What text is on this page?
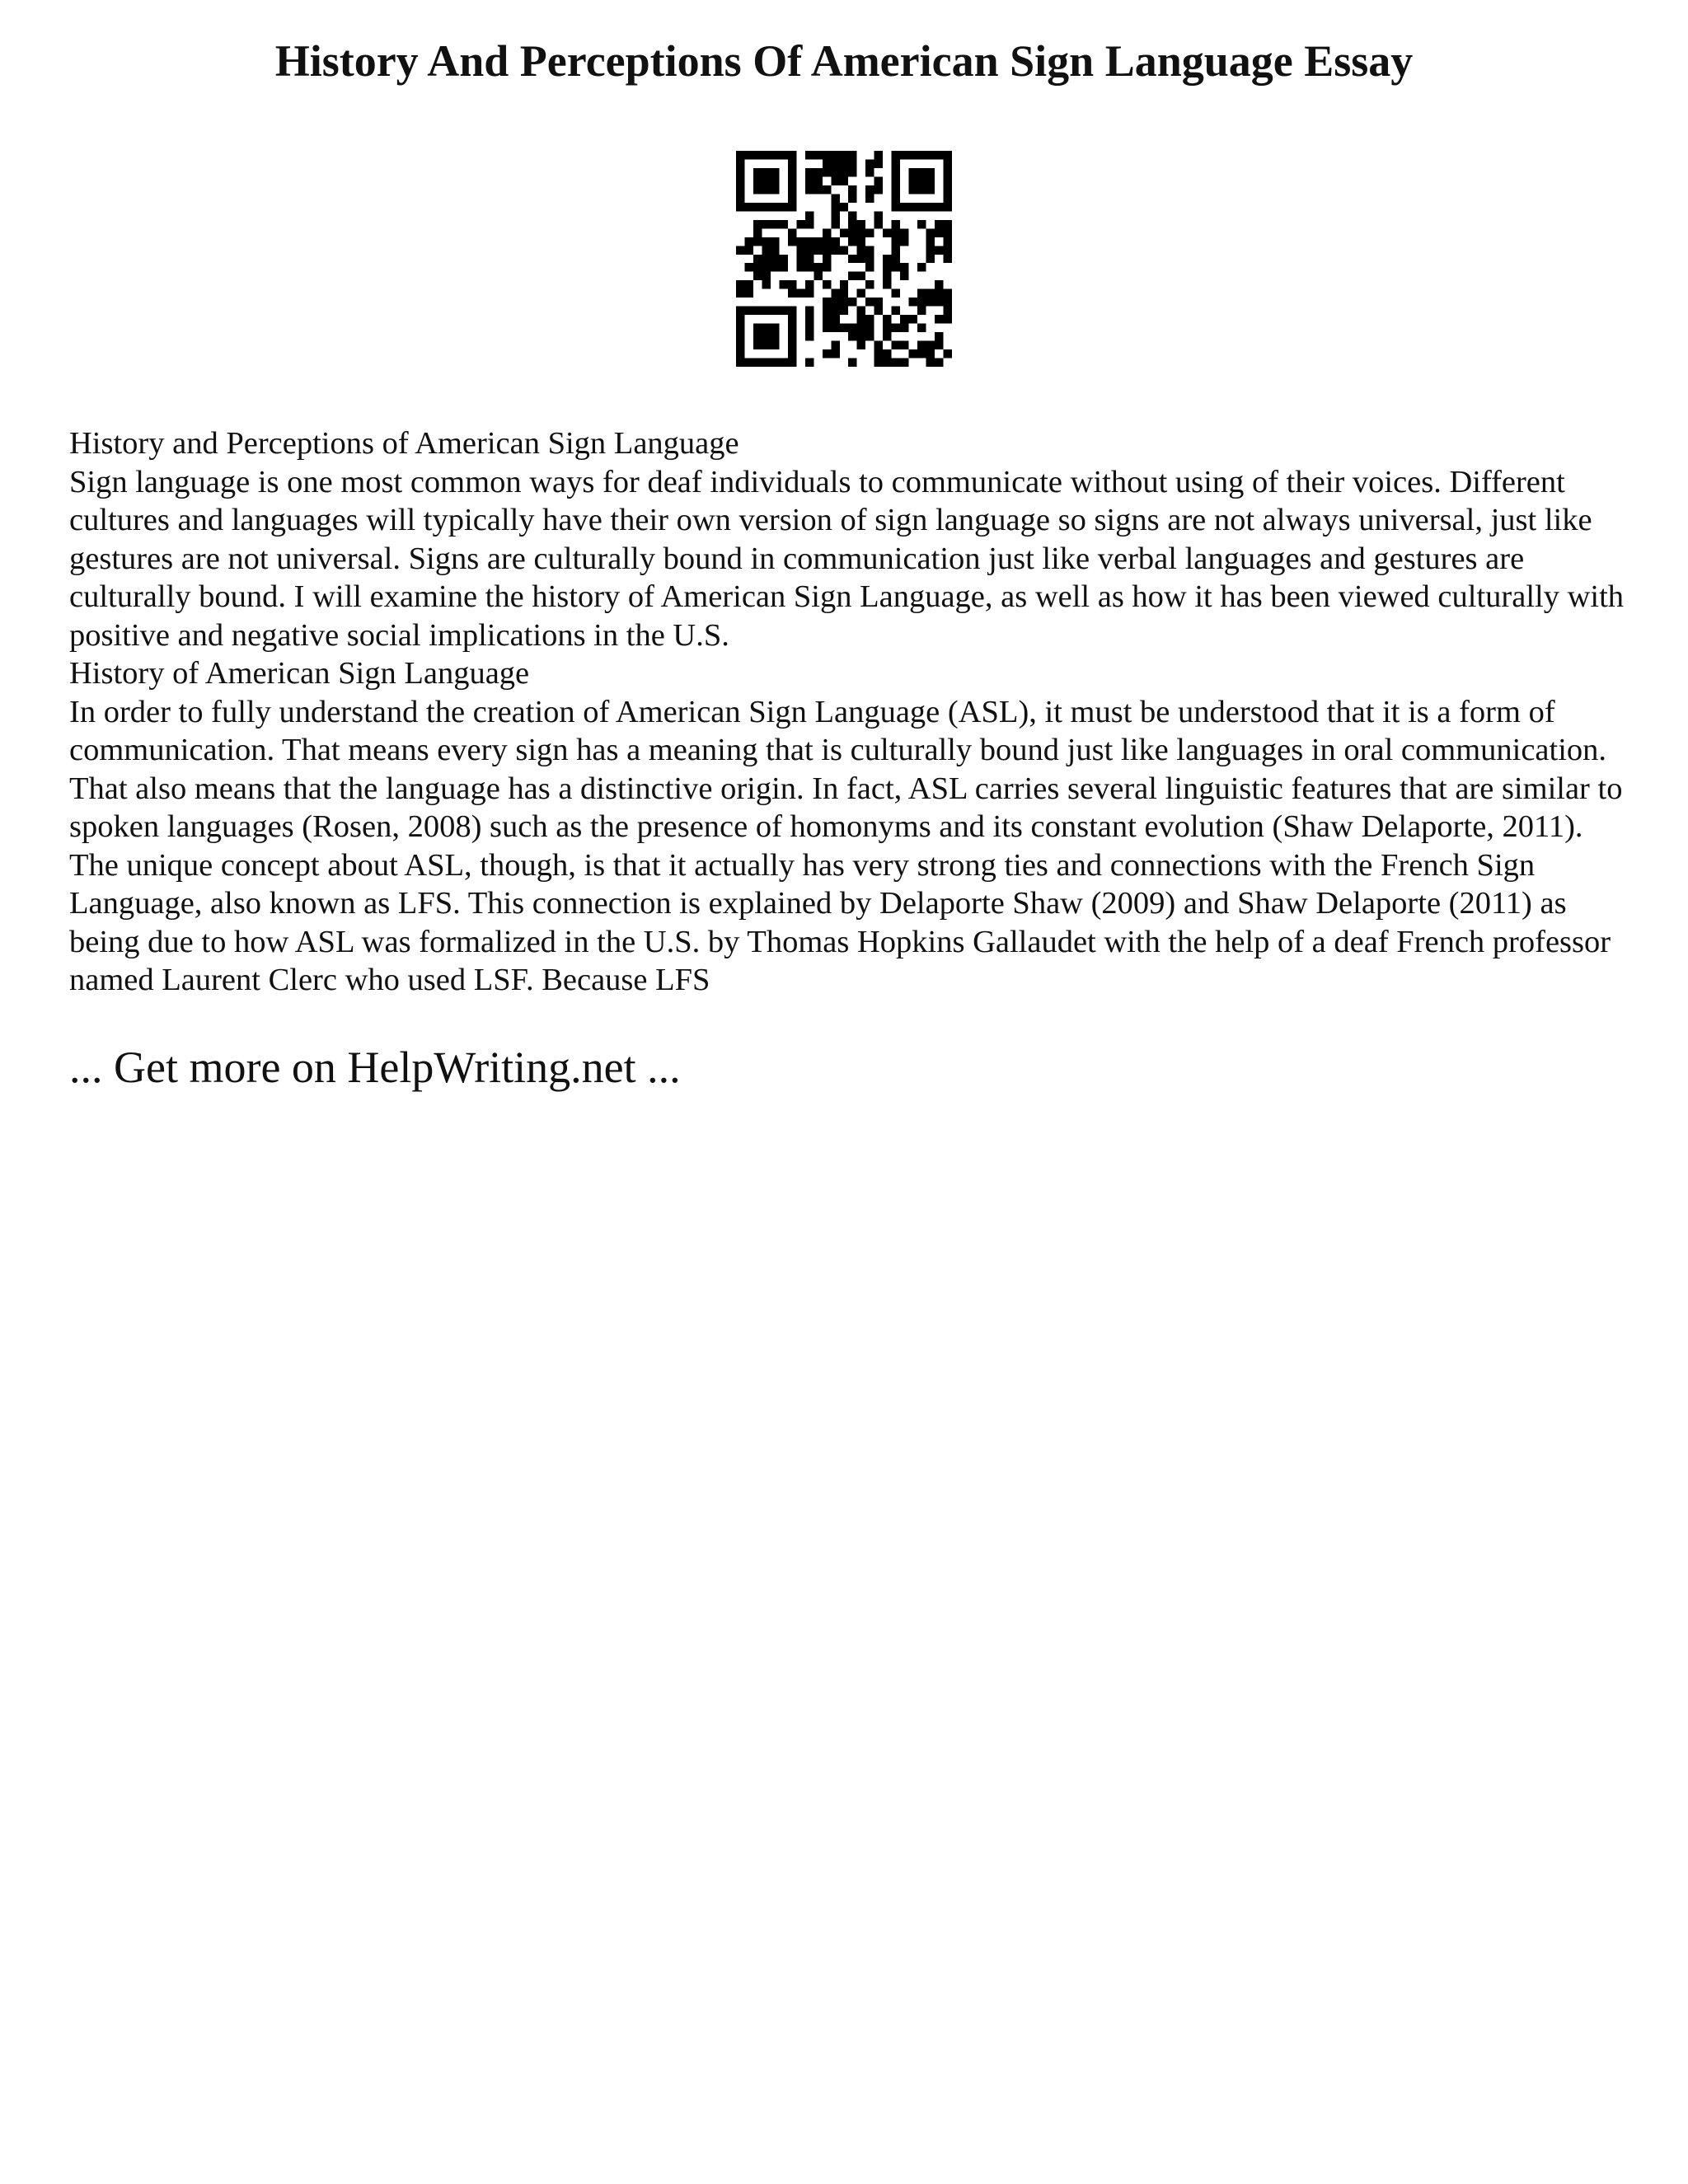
History And Perceptions Of American Sign Language Essay

History and Perceptions of American Sign Language

Sign language is one most common ways for deaf individuals to communicate without using of their voices. Different cultures and languages will typically have their own version of sign language so signs are not always universal, just like gestures are not universal. Signs are culturally bound in communication just like verbal languages and gestures are culturally bound. I will examine the history of American Sign Language, as well as how it has been viewed culturally with positive and negative social implications in the U.S.

History of American Sign Language

In order to fully understand the creation of American Sign Language (ASL), it must be understood that it is a form of communication. That means every sign has a meaning that is culturally bound just like languages in oral communication. That also means that the language has a distinctive origin. In fact, ASL carries several linguistic features that are similar to spoken languages (Rosen, 2008) such as the presence of homonyms and its constant evolution (Shaw Delaporte, 2011). The unique concept about ASL, though, is that it actually has very strong ties and connections with the French Sign Language, also known as LFS. This connection is explained by Delaporte Shaw (2009) and Shaw Delaporte (2011) as being due to how ASL was formalized in the U.S. by Thomas Hopkins Gallaudet with the help of a deaf French professor named Laurent Clerc who used LSF. Because LFS

... Get more on HelpWriting.net ...
